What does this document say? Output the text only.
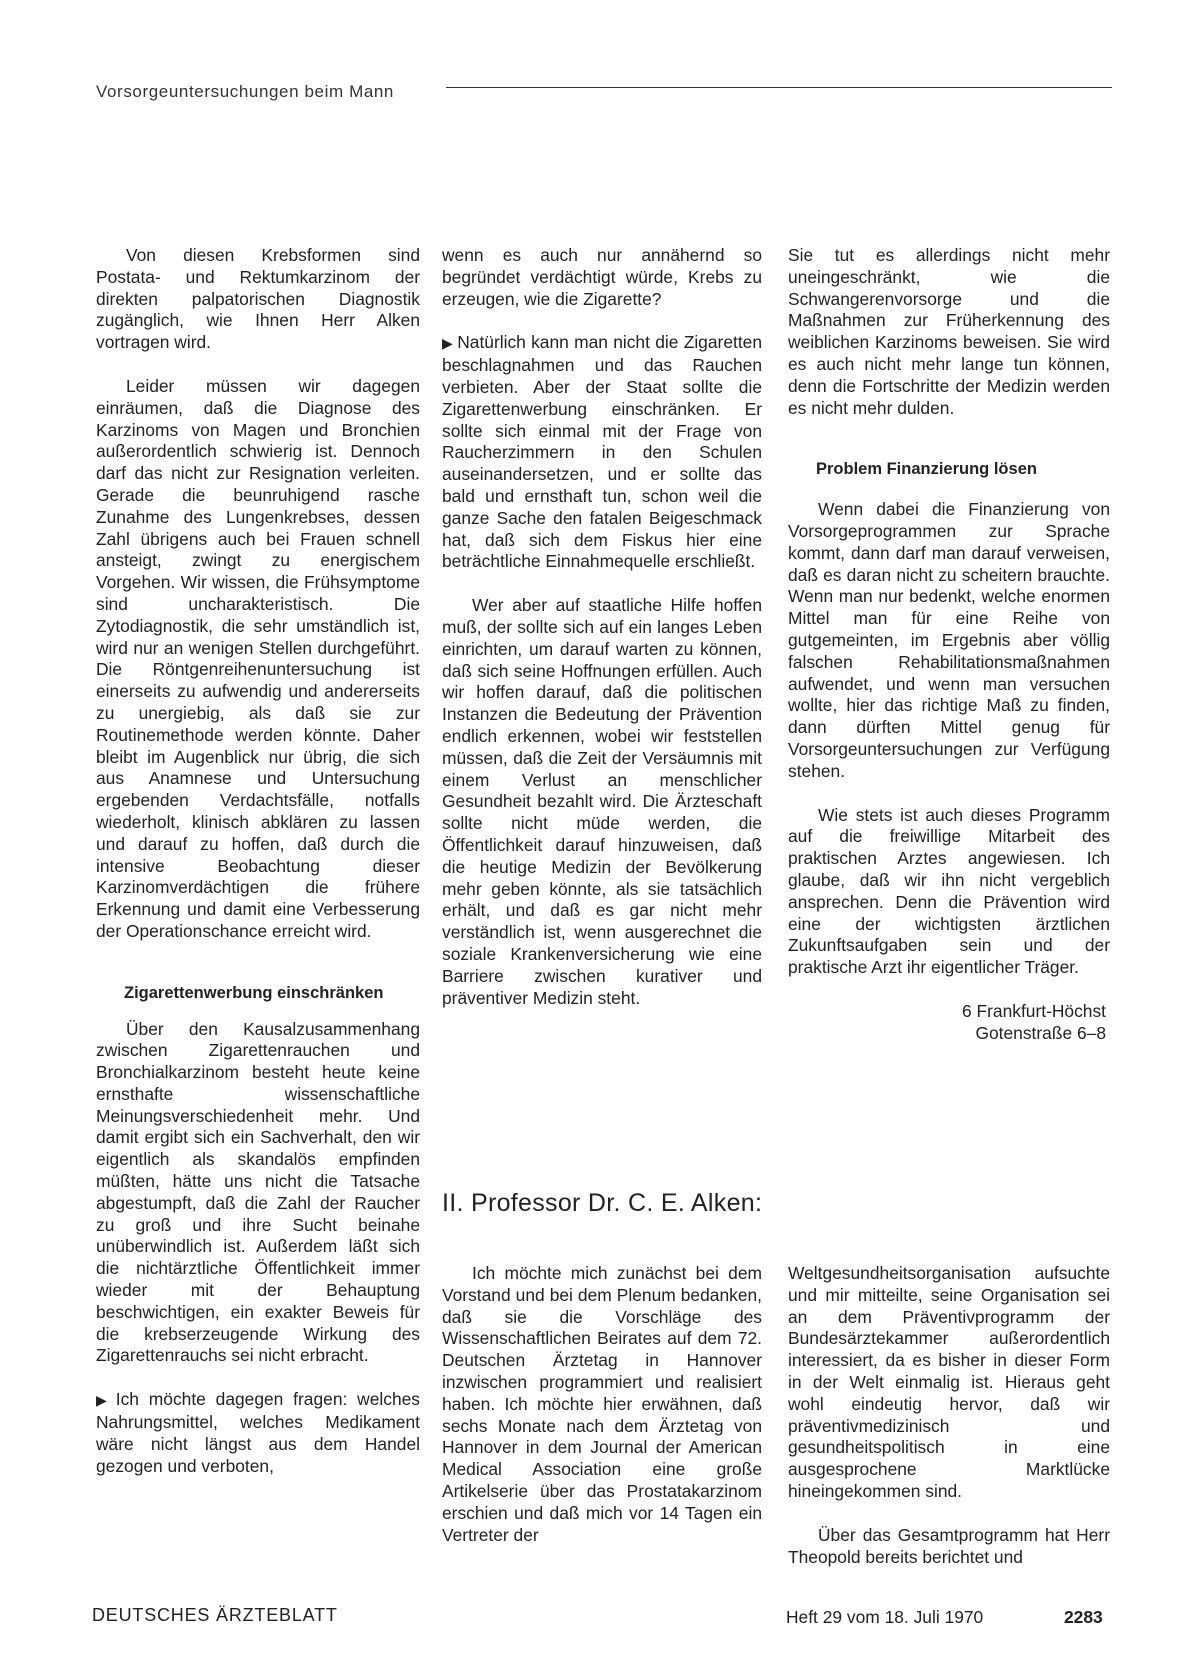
Vorsorgeuntersuchungen beim Mann

Von diesen Krebsformen sind Postata- und Rektumkarzinom der direkten palpatorischen Diagnostik zugänglich, wie Ihnen Herr Alken vortragen wird.

Leider müssen wir dagegen einräumen, daß die Diagnose des Karzinoms von Magen und Bronchien außerordentlich schwierig ist. Dennoch darf das nicht zur Resignation verleiten. Gerade die beunruhigend rasche Zunahme des Lungenkrebses, dessen Zahl übrigens auch bei Frauen schnell ansteigt, zwingt zu energischem Vorgehen. Wir wissen, die Frühsymptome sind uncharakteristisch. Die Zytodiagnostik, die sehr umständlich ist, wird nur an wenigen Stellen durchgeführt. Die Röntgenreihenuntersuchung ist einerseits zu aufwendig und andererseits zu unergiebig, als daß sie zur Routinemethode werden könnte. Daher bleibt im Augenblick nur übrig, die sich aus Anamnese und Untersuchung ergebenden Verdachtsfälle, notfalls wiederholt, klinisch abklären zu lassen und darauf zu hoffen, daß durch die intensive Beobachtung dieser Karzinomverdächtigen die frühere Erkennung und damit eine Verbesserung der Operationschance erreicht wird.

Zigarettenwerbung einschränken

Über den Kausalzusammenhang zwischen Zigarettenrauchen und Bronchialkarzinom besteht heute keine ernsthafte wissenschaftliche Meinungsverschiedenheit mehr. Und damit ergibt sich ein Sachverhalt, den wir eigentlich als skandalös empfinden müßten, hätte uns nicht die Tatsache abgestumpft, daß die Zahl der Raucher zu groß und ihre Sucht beinahe unüberwindlich ist. Außerdem läßt sich die nichtärztliche Öffentlichkeit immer wieder mit der Behauptung beschwichtigen, ein exakter Beweis für die krebserzeugende Wirkung des Zigarettenrauchs sei nicht erbracht.

▶ Ich möchte dagegen fragen: welches Nahrungsmittel, welches Medikament wäre nicht längst aus dem Handel gezogen und verboten,

wenn es auch nur annähernd so begründet verdächtigt würde, Krebs zu erzeugen, wie die Zigarette?

▶ Natürlich kann man nicht die Zigaretten beschlagnahmen und das Rauchen verbieten. Aber der Staat sollte die Zigarettenwerbung einschränken. Er sollte sich einmal mit der Frage von Raucherzimmern in den Schulen auseinandersetzen, und er sollte das bald und ernsthaft tun, schon weil die ganze Sache den fatalen Beigeschmack hat, daß sich dem Fiskus hier eine beträchtliche Einnahmequelle erschließt.

Wer aber auf staatliche Hilfe hoffen muß, der sollte sich auf ein langes Leben einrichten, um darauf warten zu können, daß sich seine Hoffnungen erfüllen. Auch wir hoffen darauf, daß die politischen Instanzen die Bedeutung der Prävention endlich erkennen, wobei wir feststellen müssen, daß die Zeit der Versäumnis mit einem Verlust an menschlicher Gesundheit bezahlt wird. Die Ärzteschaft sollte nicht müde werden, die Öffentlichkeit darauf hinzuweisen, daß die heutige Medizin der Bevölkerung mehr geben könnte, als sie tatsächlich erhält, und daß es gar nicht mehr verständlich ist, wenn ausgerechnet die soziale Krankenversicherung wie eine Barriere zwischen kurativer und präventiver Medizin steht.

Sie tut es allerdings nicht mehr uneingeschränkt, wie die Schwangerenvorsorge und die Maßnahmen zur Früherkennung des weiblichen Karzinoms beweisen. Sie wird es auch nicht mehr lange tun können, denn die Fortschritte der Medizin werden es nicht mehr dulden.

Problem Finanzierung lösen

Wenn dabei die Finanzierung von Vorsorgeprogrammen zur Sprache kommt, dann darf man darauf verweisen, daß es daran nicht zu scheitern brauchte. Wenn man nur bedenkt, welche enormen Mittel man für eine Reihe von gutgemeinten, im Ergebnis aber völlig falschen Rehabilitationsmaßnahmen aufwendet, und wenn man versuchen wollte, hier das richtige Maß zu finden, dann dürften Mittel genug für Vorsorgeuntersuchungen zur Verfügung stehen.

Wie stets ist auch dieses Programm auf die freiwillige Mitarbeit des praktischen Arztes angewiesen. Ich glaube, daß wir ihn nicht vergeblich ansprechen. Denn die Prävention wird eine der wichtigsten ärztlichen Zukunftsaufgaben sein und der praktische Arzt ihr eigentlicher Träger.

6 Frankfurt-Höchst
Gotenstraße 6–8
II. Professor Dr. C. E. Alken:

Ich möchte mich zunächst bei dem Vorstand und bei dem Plenum bedanken, daß sie die Vorschläge des Wissenschaftlichen Beirates auf dem 72. Deutschen Ärztetag in Hannover inzwischen programmiert und realisiert haben. Ich möchte hier erwähnen, daß sechs Monate nach dem Ärztetag von Hannover in dem Journal der American Medical Association eine große Artikelserie über das Prostatakarzinom erschien und daß mich vor 14 Tagen ein Vertreter der

Weltgesundheitsorganisation aufsuchte und mir mitteilte, seine Organisation sei an dem Präventivprogramm der Bundesärztekammer außerordentlich interessiert, da es bisher in dieser Form in der Welt einmalig ist. Hieraus geht wohl eindeutig hervor, daß wir präventivmedizinisch und gesundheitspolitisch in eine ausgesprochene Marktlücke hineingekommen sind.

Über das Gesamtprogramm hat Herr Theopold bereits berichtet und

DEUTSCHES ÄRZTEBLATT	Heft 29 vom 18. Juli 1970	2283
